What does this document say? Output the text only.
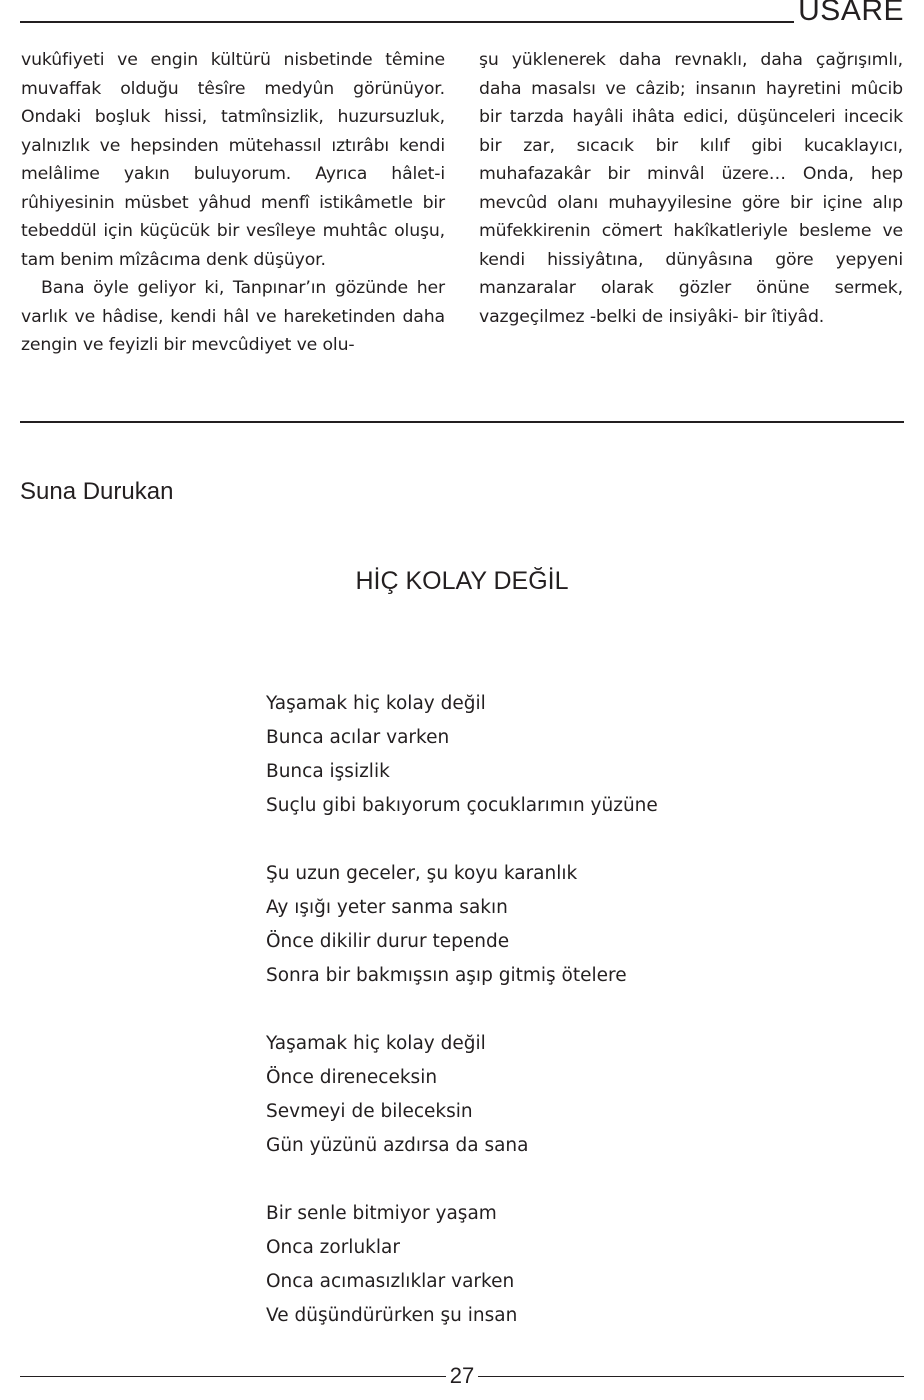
USARE

vukûfiyeti ve engin kültürü nisbetinde têmine muvaffak olduğu têsîre medyûn görünüyor. Ondaki boşluk hissi, tatmînsizlik, huzursuzluk, yalnızlık ve hepsinden mütehassıl ıztırâbı kendi melâlime yakın buluyorum. Ayrıca hâlet-i rûhiyesinin müsbet yâhud menfî istikâmetle bir tebeddül için küçücük bir vesîleye muhtâc oluşu, tam benim mîzâcıma denk düşüyor.

Bana öyle geliyor ki, Tanpınar’ın gözünde her varlık ve hâdise, kendi hâl ve hareketinden daha zengin ve feyizli bir mevcûdiyet ve olu-

şu yüklenerek daha revnaklı, daha çağrışımlı, daha masalsı ve câzib; insanın hayretini mûcib bir tarzda hayâli ihâta edici, düşünceleri incecik bir zar, sıcacık bir kılıf gibi kucaklayıcı, muhafazakâr bir minvâl üzere… Onda, hep mevcûd olanı muhayyilesine göre bir içine alıp müfekkirenin cömert hakîkatleriyle besleme ve kendi hissiyâtına, dünyâsına göre yepyeni manzaralar olarak gözler önüne sermek, vazgeçilmez -belki de insiyâki- bir îtiyâd.

Suna Durukan
HİÇ KOLAY DEĞİL
Yaşamak hiç kolay değil
Bunca acılar varken
Bunca işsizlik
Suçlu gibi bakıyorum çocuklarımın yüzüne
Şu uzun geceler, şu koyu karanlık
Ay ışığı yeter sanma sakın
Önce dikilir durur tepende
Sonra bir bakmışsın aşıp gitmiş ötelere
Yaşamak hiç kolay değil
Önce direneceksin
Sevmeyi de bileceksin
Gün yüzünü azdırsa da sana
Bir senle bitmiyor yaşam
Onca zorluklar
Onca acımasızlıklar varken
Ve düşündürürken şu insan
27
